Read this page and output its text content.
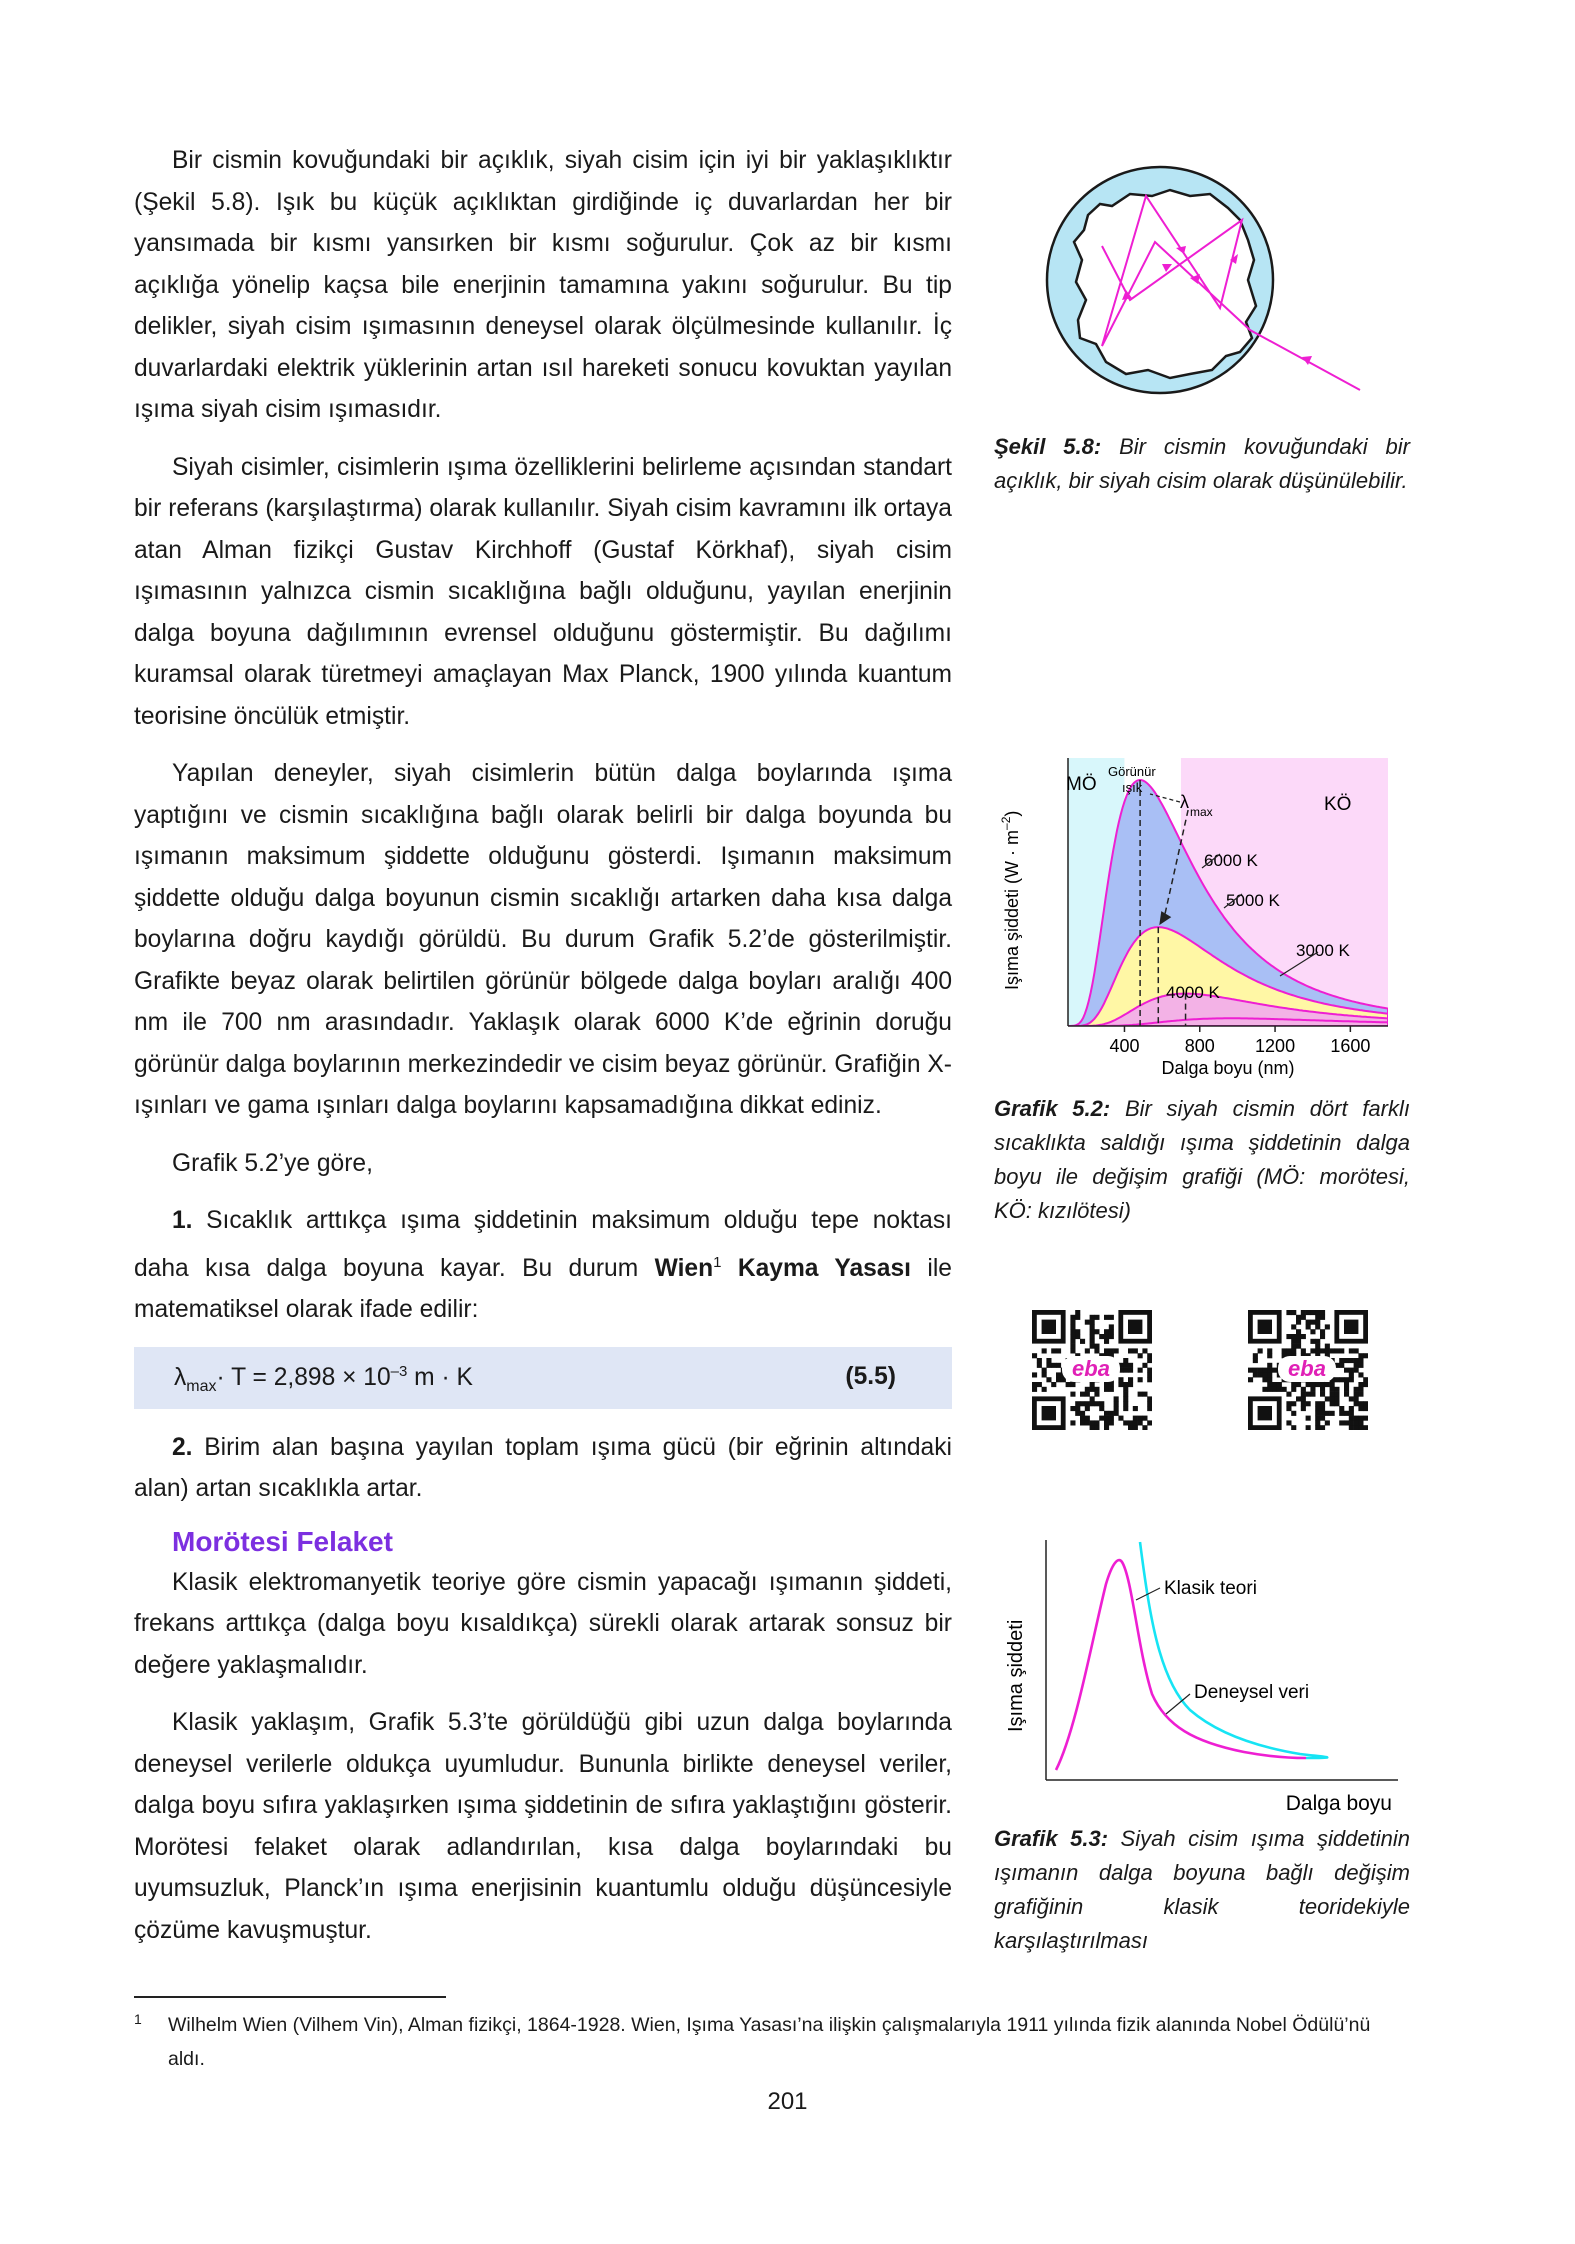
Bir cismin kovuğundaki bir açıklık, siyah cisim için iyi bir yaklaşıklıktır (Şekil 5.8). Işık bu küçük açıklıktan girdiğinde iç duvarlardan her bir yansımada bir kısmı yansırken bir kısmı soğurulur. Çok az bir kısmı açıklığa yönelip kaçsa bile enerjinin tamamına yakını soğurulur. Bu tip delikler, siyah cisim ışımasının deneysel olarak ölçülmesinde kullanılır. İç duvarlardaki elektrik yüklerinin artan ısıl hareketi sonucu kovuktan yayılan ışıma siyah cisim ışımasıdır.

Siyah cisimler, cisimlerin ışıma özelliklerini belirleme açısından standart bir referans (karşılaştırma) olarak kullanılır. Siyah cisim kavramını ilk ortaya atan Alman fizikçi Gustav Kirchhoff (Gustaf Körkhaf), siyah cisim ışımasının yalnızca cismin sıcaklığına bağlı olduğunu, yayılan enerjinin dalga boyuna dağılımının evrensel olduğunu göstermiştir. Bu dağılımı kuramsal olarak türetmeyi amaçlayan Max Planck, 1900 yılında kuantum teorisine öncülük etmiştir.

Yapılan deneyler, siyah cisimlerin bütün dalga boylarında ışıma yaptığını ve cismin sıcaklığına bağlı olarak belirli bir dalga boyunda bu ışımanın maksimum şiddette olduğunu gösterdi. Işımanın maksimum şiddette olduğu dalga boyunun cismin sıcaklığı artarken daha kısa dalga boylarına doğru kaydığı görüldü. Bu durum Grafik 5.2’de gösterilmiştir. Grafikte beyaz olarak belirtilen görünür bölgede dalga boyları aralığı 400 nm ile 700 nm arasındadır. Yaklaşık olarak 6000 K’de eğrinin doruğu görünür dalga boylarının merkezindedir ve cisim beyaz görünür. Grafiğin X-ışınları ve gama ışınları dalga boylarını kapsamadığına dikkat ediniz.

Grafik 5.2’ye göre,

1. Sıcaklık arttıkça ışıma şiddetinin maksimum olduğu tepe noktası daha kısa dalga boyuna kayar. Bu durum Wien$^1$ Kayma Yasası ile matematiksel olarak ifade edilir:

$\lambda_{max}\cdot T = 2,898 \times 10^{-3}$ m · K	(5.5)

2. Birim alan başına yayılan toplam ışıma gücü (bir eğrinin altındaki alan) artan sıcaklıkla artar.

Morötesi Felaket

Klasik elektromanyetik teoriye göre cismin yapacağı ışımanın şiddeti, frekans arttıkça (dalga boyu kısaldıkça) sürekli olarak artarak sonsuz bir değere yaklaşmalıdır.

Klasik yaklaşım, Grafik 5.3’te görüldüğü gibi uzun dalga boylarında deneysel verilerle oldukça uyumludur. Bununla birlikte deneysel veriler, dalga boyu sıfıra yaklaşırken ışıma şiddetinin de sıfıra yaklaştığını gösterir. Morötesi felaket olarak adlandırılan, kısa dalga boylarındaki bu uyumsuzluk, Planck’ın ışıma enerjisinin kuantumlu olduğu düşüncesiyle çözüme kavuşmuştur.

Şekil 5.8: Bir cismin kovuğundaki bir açıklık, bir siyah cisim olarak düşünülebilir.
400	800 1200 1600
MÖ
Görünür
ışık
KÖ
λ max
6000 K
5000 K
4000 K
3000 K
Işıma şiddeti $(W \cdot m^{-2})$
Dalga boyu (nm)
Grafik 5.2: Bir siyah cismin dört farklı sıcaklıkta saldığı ışıma şiddetinin dalga boyu ile değişim grafiği (MÖ: morötesi, KÖ: kızılötesi)
eba	eba
Klasik teori
Deneysel veri
Işıma şiddeti
Dalga boyu
Grafik 5.3: Siyah cisim ışıma şiddetinin ışımanın dalga boyuna bağlı değişim grafiğinin klasik teoridekiyle karşılaştırılması
1 Wilhelm Wien (Vilhem Vin), Alman fizikçi, 1864-1928. Wien, Işıma Yasası’na ilişkin çalışmalarıyla 1911 yılında fizik alanında Nobel Ödülü’nü aldı.
201
